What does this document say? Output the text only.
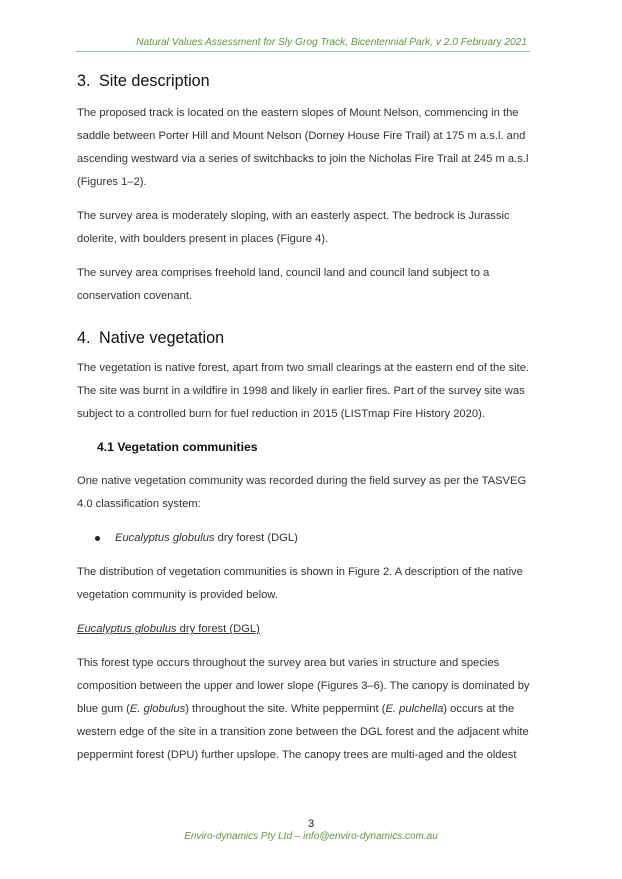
Natural Values Assessment for Sly Grog Track, Bicentennial Park, v 2.0 February 2021
3. Site description

The proposed track is located on the eastern slopes of Mount Nelson, commencing in the saddle between Porter Hill and Mount Nelson (Dorney House Fire Trail) at 175 m a.s.l. and ascending westward via a series of switchbacks to join the Nicholas Fire Trail at 245 m a.s.l (Figures 1–2).

The survey area is moderately sloping, with an easterly aspect. The bedrock is Jurassic dolerite, with boulders present in places (Figure 4).

The survey area comprises freehold land, council land and council land subject to a conservation covenant.

4. Native vegetation

The vegetation is native forest, apart from two small clearings at the eastern end of the site. The site was burnt in a wildfire in 1998 and likely in earlier fires. Part of the survey site was subject to a controlled burn for fuel reduction in 2015 (LISTmap Fire History 2020).

4.1 Vegetation communities

One native vegetation community was recorded during the field survey as per the TASVEG 4.0 classification system:

Eucalyptus globulus dry forest (DGL)

The distribution of vegetation communities is shown in Figure 2. A description of the native vegetation community is provided below.

Eucalyptus globulus dry forest (DGL)

This forest type occurs throughout the survey area but varies in structure and species composition between the upper and lower slope (Figures 3–6). The canopy is dominated by blue gum (E. globulus) throughout the site. White peppermint (E. pulchella) occurs at the western edge of the site in a transition zone between the DGL forest and the adjacent white peppermint forest (DPU) further upslope. The canopy trees are multi-aged and the oldest

3
Enviro-dynamics Pty Ltd – info@enviro-dynamics.com.au
